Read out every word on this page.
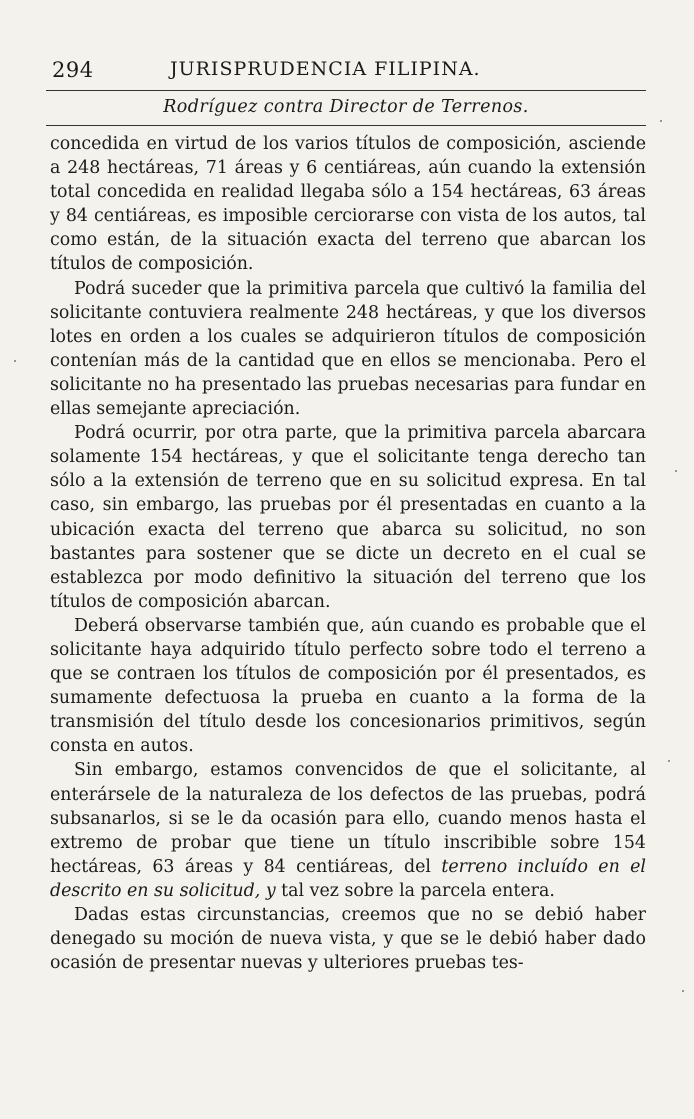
294	JURISPRUDENCIA FILIPINA.
Rodríguez contra Director de Terrenos.

concedida en virtud de los varios títulos de composición, asciende a 248 hectáreas, 71 áreas y 6 centiáreas, aún cuando la extensión total concedida en realidad llegaba sólo a 154 hectáreas, 63 áreas y 84 centiáreas, es imposible cerciorarse con vista de los autos, tal como están, de la situación exacta del terreno que abarcan los títulos de composición.

Podrá suceder que la primitiva parcela que cultivó la familia del solicitante contuviera realmente 248 hectáreas, y que los diversos lotes en orden a los cuales se adquirieron títulos de composición contenían más de la cantidad que en ellos se mencionaba. Pero el solicitante no ha presentado las pruebas necesarias para fundar en ellas semejante apreciación.

Podrá ocurrir, por otra parte, que la primitiva parcela abarcara solamente 154 hectáreas, y que el solicitante tenga derecho tan sólo a la extensión de terreno que en su solicitud expresa. En tal caso, sin embargo, las pruebas por él presentadas en cuanto a la ubicación exacta del terreno que abarca su solicitud, no son bastantes para sostener que se dicte un decreto en el cual se establezca por modo definitivo la situación del terreno que los títulos de composición abarcan.

Deberá observarse también que, aún cuando es probable que el solicitante haya adquirido título perfecto sobre todo el terreno a que se contraen los títulos de composición por él presentados, es sumamente defectuosa la prueba en cuanto a la forma de la transmisión del título desde los concesionarios primitivos, según consta en autos.

Sin embargo, estamos convencidos de que el solicitante, al enterársele de la naturaleza de los defectos de las pruebas, podrá subsanarlos, si se le da ocasión para ello, cuando menos hasta el extremo de probar que tiene un título inscribible sobre 154 hectáreas, 63 áreas y 84 centiáreas, del terreno incluído en el descrito en su solicitud, y tal vez sobre la parcela entera.

Dadas estas circunstancias, creemos que no se debió haber denegado su moción de nueva vista, y que se le debió haber dado ocasión de presentar nuevas y ulteriores pruebas tes-
